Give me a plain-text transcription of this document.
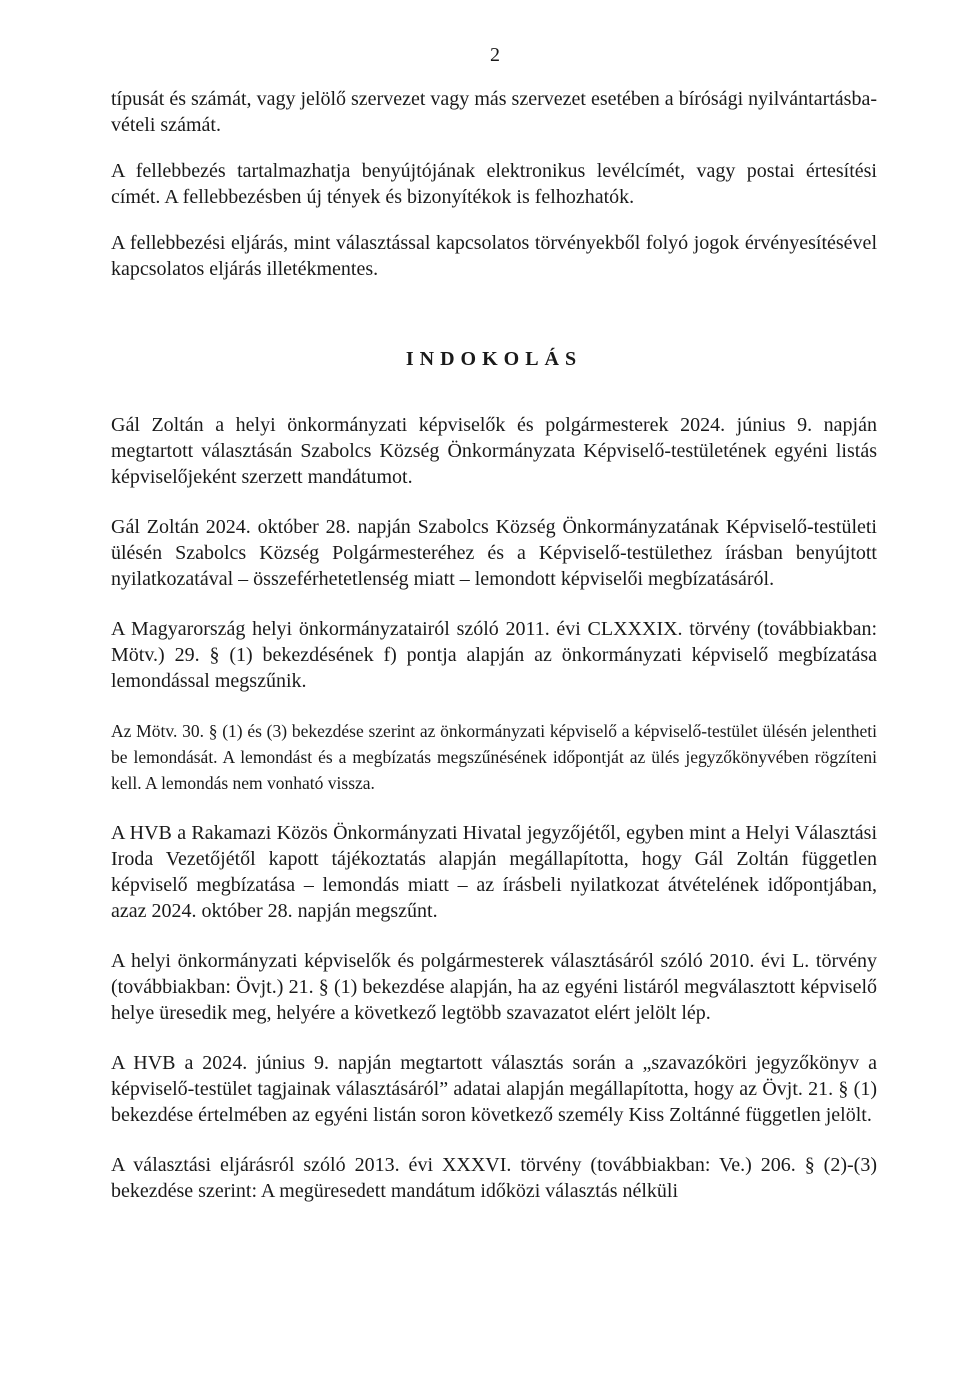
2

típusát és számát, vagy jelölő szervezet vagy más szervezet esetében a bírósági nyilvántartásba-vételi számát.

A fellebbezés tartalmazhatja benyújtójának elektronikus levélcímét, vagy postai értesítési címét. A fellebbezésben új tények és bizonyítékok is felhozhatók.

A fellebbezési eljárás, mint választással kapcsolatos törvényekből folyó jogok érvényesítésével kapcsolatos eljárás illetékmentes.

INDOKOLÁS

Gál Zoltán a helyi önkormányzati képviselők és polgármesterek 2024. június 9. napján megtartott választásán Szabolcs Község Önkormányzata Képviselő-testületének egyéni listás képviselőjeként szerzett mandátumot.

Gál Zoltán 2024. október 28. napján Szabolcs Község Önkormányzatának Képviselő-testületi ülésén Szabolcs Község Polgármesteréhez és a Képviselő-testülethez írásban benyújtott nyilatkozatával – összeférhetetlenség miatt – lemondott képviselői megbízatásáról.

A Magyarország helyi önkormányzatairól szóló 2011. évi CLXXXIX. törvény (továbbiakban: Mötv.) 29. § (1) bekezdésének f) pontja alapján az önkormányzati képviselő megbízatása lemondással megszűnik.

Az Mötv. 30. § (1) és (3) bekezdése szerint az önkormányzati képviselő a képviselő-testület ülésén jelentheti be lemondását. A lemondást és a megbízatás megszűnésének időpontját az ülés jegyzőkönyvében rögzíteni kell. A lemondás nem vonható vissza.

A HVB a Rakamazi Közös Önkormányzati Hivatal jegyzőjétől, egyben mint a Helyi Választási Iroda Vezetőjétől kapott tájékoztatás alapján megállapította, hogy Gál Zoltán független képviselő megbízatása – lemondás miatt – az írásbeli nyilatkozat átvételének időpontjában, azaz 2024. október 28. napján megszűnt.

A helyi önkormányzati képviselők és polgármesterek választásáról szóló 2010. évi L. törvény (továbbiakban: Övjt.) 21. § (1) bekezdése alapján, ha az egyéni listáról megválasztott képviselő helye üresedik meg, helyére a következő legtöbb szavazatot elért jelölt lép.

A HVB a 2024. június 9. napján megtartott választás során a „szavazóköri jegyzőkönyv a képviselő-testület tagjainak választásáról” adatai alapján megállapította, hogy az Övjt. 21. § (1) bekezdése értelmében az egyéni listán soron következő személy Kiss Zoltánné független jelölt.

A választási eljárásról szóló 2013. évi XXXVI. törvény (továbbiakban: Ve.) 206. § (2)-(3) bekezdése szerint: A megüresedett mandátum időközi választás nélküli
